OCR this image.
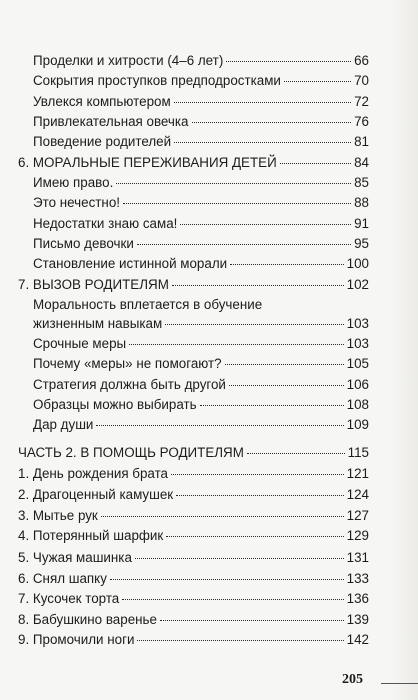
Проделки и хитрости (4–6 лет)	66
Сокрытия проступков предподростками	70
Увлекся компьютером	72
Привлекательная овечка	76
Поведение родителей	81
6. МОРАЛЬНЫЕ ПЕРЕЖИВАНИЯ ДЕТЕЙ	84
Имею право.	85
Это нечестно!	88
Недостатки знаю сама!	91
Письмо девочки	95
Становление истинной морали	100
7. ВЫЗОВ РОДИТЕЛЯМ	102
Моральность вплетается в обучение
жизненным навыкам	103
Срочные меры	103
Почему «меры» не помогают?	105
Стратегия должна быть другой	106
Образцы можно выбирать	108
Дар души	109
ЧАСТЬ 2. В ПОМОЩЬ РОДИТЕЛЯМ	115
1. День рождения брата	121
2. Драгоценный камушек	124
3. Мытье рук	127
4. Потерянный шарфик	129
5. Чужая машинка	131
6. Снял шапку	133
7. Кусочек торта	136
8. Бабушкино варенье	139
9. Промочили ноги	142
205
